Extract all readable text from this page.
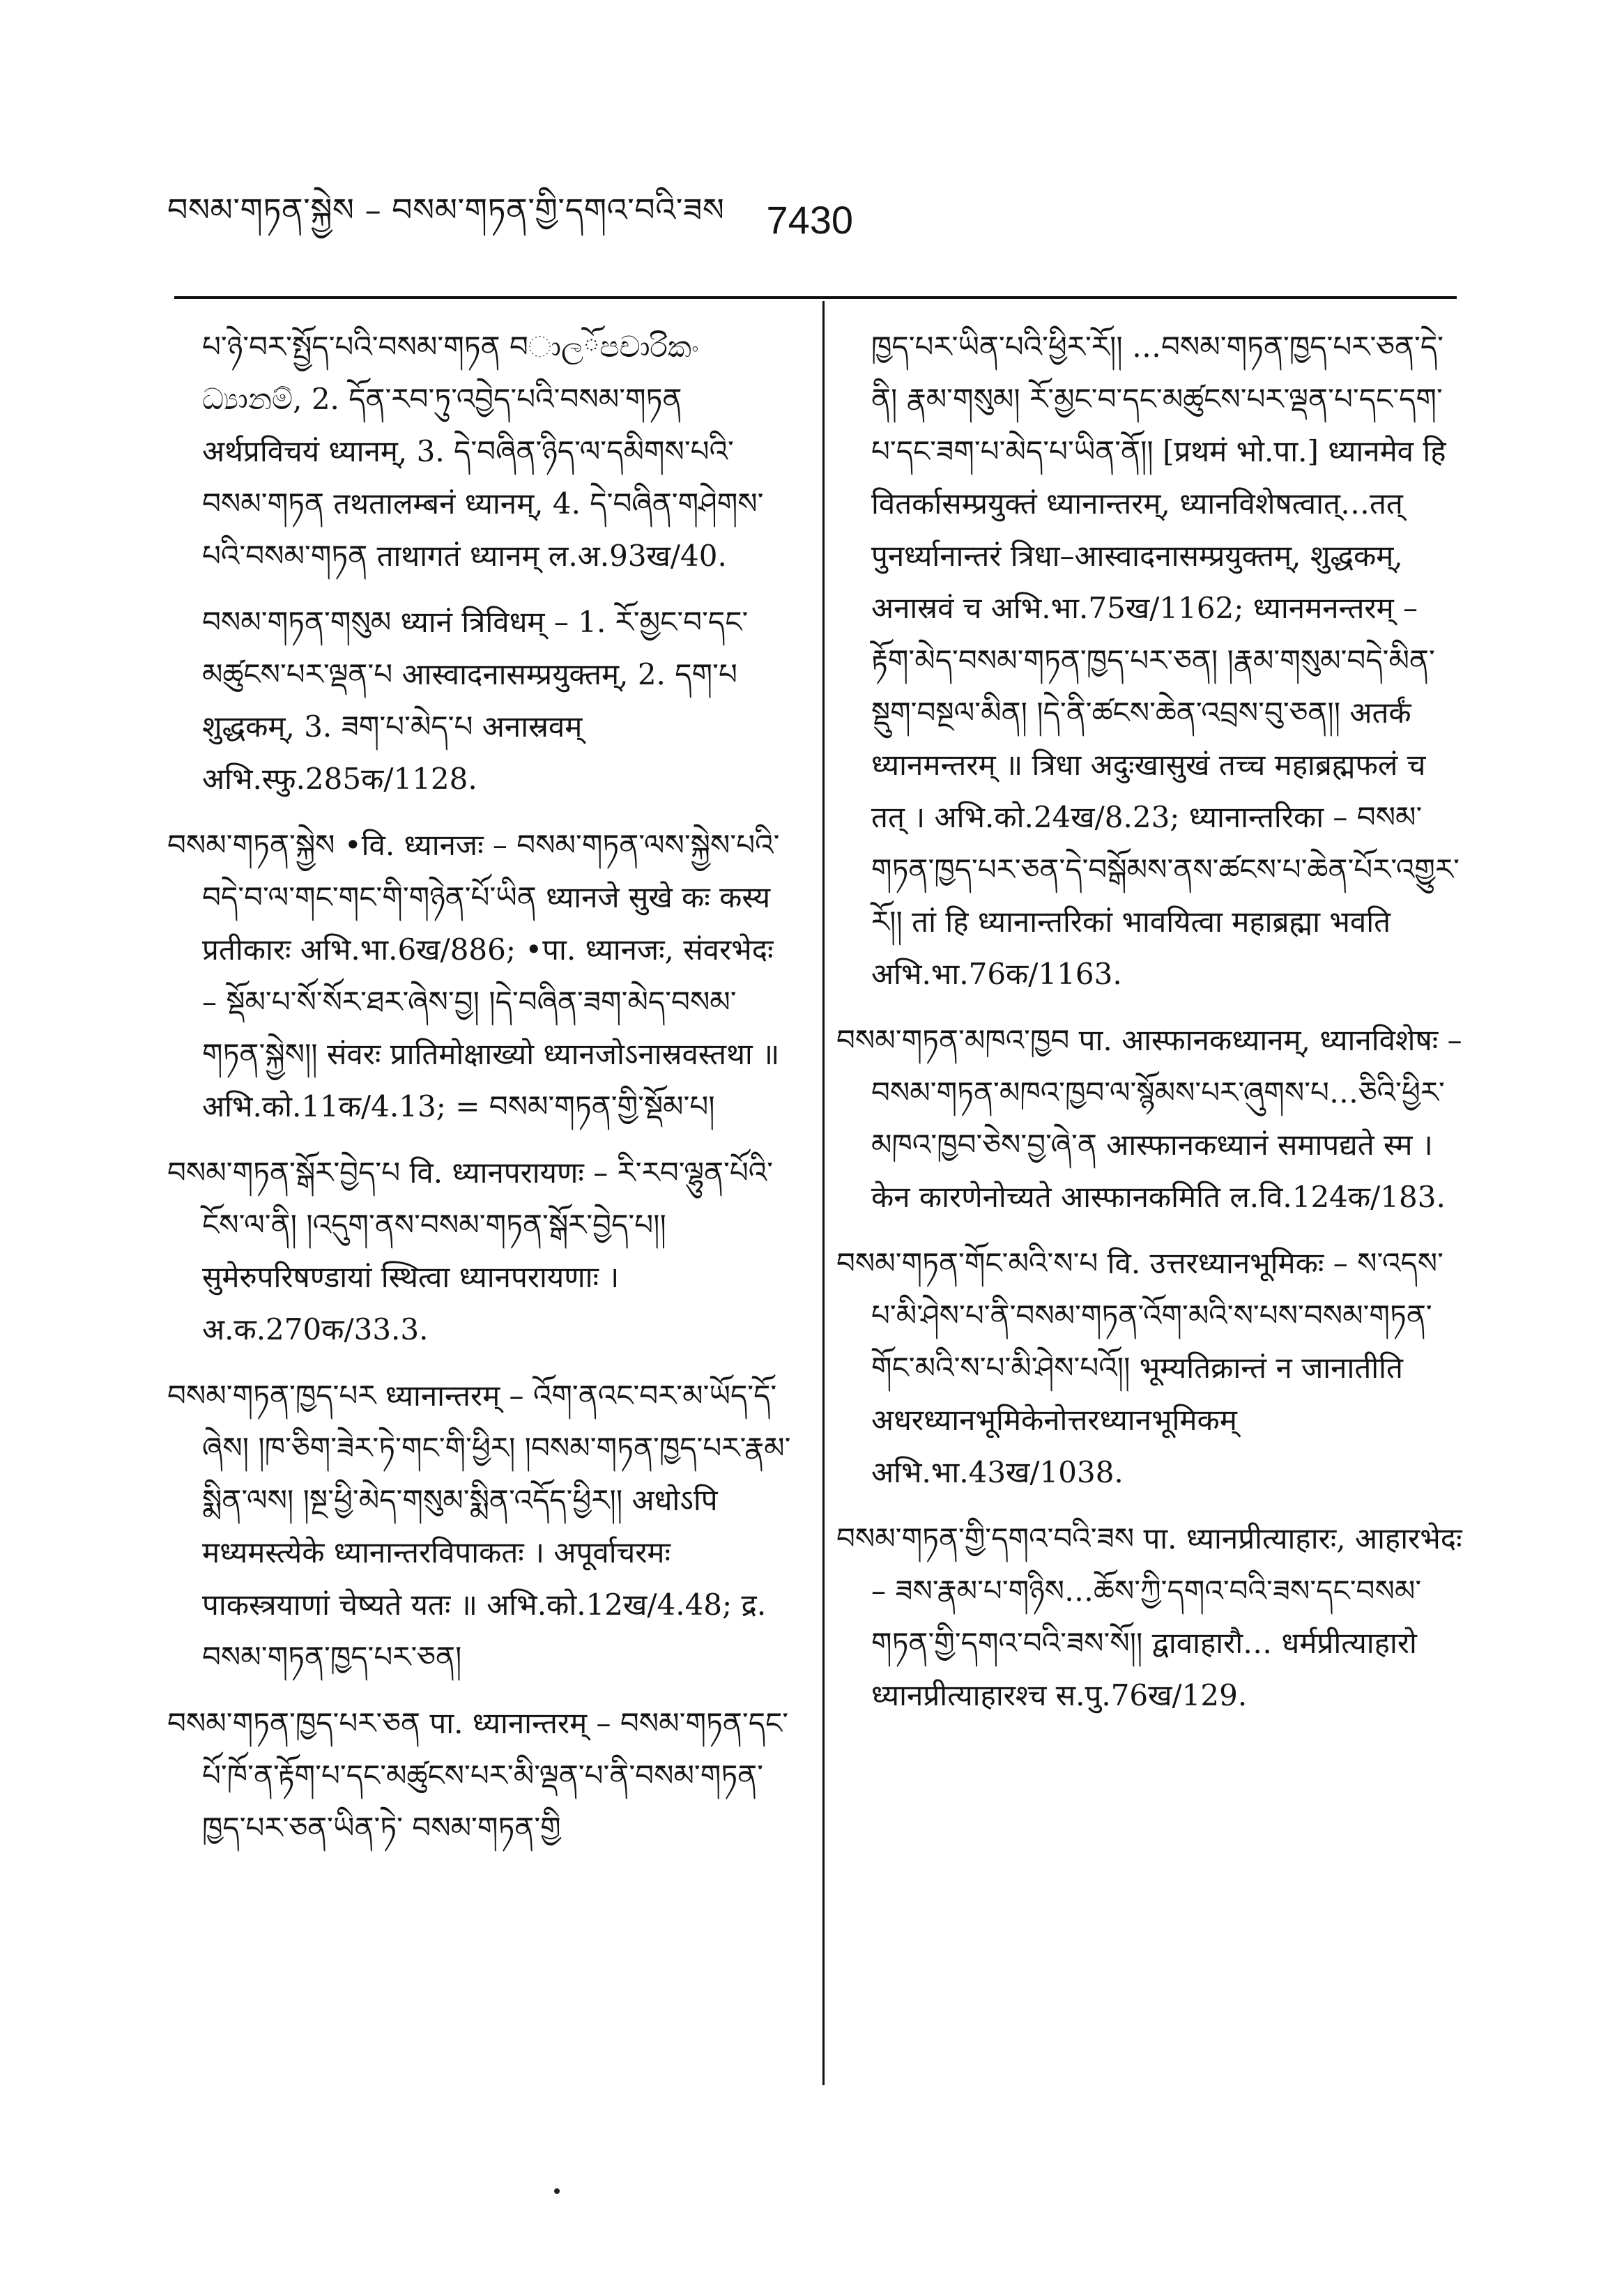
བསམ་གཏན་སྐྱེས – བསམ་གཏན་གྱི་དགའ་བའི་ཟས 7430

པ་ཉེ་བར་སྤྱོད་པའི་བསམ་གཏན བාලོපචාරිකං ධ්‍යානම්, 2. དོན་རབ་ཏུ་འབྱེད་པའི་བསམ་གཏན अर्थप्रविचयं ध्यानम्, 3. དེ་བཞིན་ཉིད་ལ་དམིགས་པའི་བསམ་གཏན तथतालम्बनं ध्यानम्, 4. དེ་བཞིན་གཤེགས་པའི་བསམ་གཏན ताथागतं ध्यानम् ल.अ.93ख/40.

བསམ་གཏན་གསུམ ध्यानं त्रिविधम् – 1. རོ་མྱང་བ་དང་མཚུངས་པར་ལྡན་པ आस्वादनासम्प्रयुक्तम्, 2. དག་པ शुद्धकम्, 3. ཟག་པ་མེད་པ अनास्रवम् अभि.स्फु.285क/1128.

བསམ་གཏན་སྐྱེས •वि. ध्यानजः – བསམ་གཏན་ལས་སྐྱེས་པའི་བདེ་བ་ལ་གང་གང་གི་གཉེན་པོ་ཡིན ध्यानजे सुखे कः कस्य प्रतीकारः अभि.भा.6ख/886; •पा. ध्यानजः, संवरभेदः – སྡོམ་པ་སོ་སོར་ཐར་ཞེས་བྱ། །དེ་བཞིན་ཟག་མེད་བསམ་གཏན་སྐྱེས།། संवरः प्रातिमोक्षाख्यो ध्यानजोऽनास्रवस्तथा ॥ अभि.को.11क/4.13; = བསམ་གཏན་གྱི་སྡོམ་པ།

བསམ་གཏན་སྒོར་བྱེད་པ वि. ध्यानपरायणः – རི་རབ་ལྷུན་པོའི་ངོས་ལ་ནི། །འདུག་ནས་བསམ་གཏན་སྒོར་བྱེད་པ།། सुमेरुपरिषण्डायां स्थित्वा ध्यानपरायणाः । अ.क.270क/33.3.

བསམ་གཏན་ཁྱད་པར ध्यानान्तरम् – འོག་ནའང་བར་མ་ཡོད་དོ་ཞེས། །ཁ་ཅིག་ཟེར་ཏེ་གང་གི་ཕྱིར། །བསམ་གཏན་ཁྱད་པར་རྣམ་སྨིན་ལས། །སྔ་ཕྱི་མེད་གསུམ་སྨིན་འདོད་ཕྱིར།། अधोऽपि मध्यमस्त्येके ध्यानान्तरविपाकतः । अपूर्वाचरमः पाकस्त्रयाणां चेष्यते यतः ॥ अभि.को.12ख/4.48; द्र. བསམ་གཏན་ཁྱད་པར་ཅན།

བསམ་གཏན་ཁྱད་པར་ཅན पा. ध्यानान्तरम् – བསམ་གཏན་དང་པོ་ཁོ་ན་རྟོག་པ་དང་མཚུངས་པར་མི་ལྡན་པ་ནི་བསམ་གཏན་ཁྱད་པར་ཅན་ཡིན་ཏེ་ བསམ་གཏན་གྱི

ཁྱད་པར་ཡིན་པའི་ཕྱིར་རོ།། …བསམ་གཏན་ཁྱད་པར་ཅན་དེ་ནི། རྣམ་གསུམ། རོ་མྱང་བ་དང་མཚུངས་པར་ལྡན་པ་དང་དག་པ་དང་ཟག་པ་མེད་པ་ཡིན་ནོ།། [प्रथमं भो.पा.] ध्यानमेव हि वितर्कासम्प्रयुक्तं ध्यानान्तरम्, ध्यानविशेषत्वात्…तत् पुनर्ध्यानान्तरं त्रिधा–आस्वादनासम्प्रयुक्तम्, शुद्धकम्, अनास्रवं च अभि.भा.75ख/1162; ध्यानमनन्तरम् – རྟོག་མེད་བསམ་གཏན་ཁྱད་པར་ཅན། །རྣམ་གསུམ་བདེ་མིན་སྡུག་བསྔལ་མིན། །དེ་ནི་ཚངས་ཆེན་འབྲས་བུ་ཅན།། अतर्कं ध्यानमन्तरम् ॥ त्रिधा अदुःखासुखं तच्च महाब्रह्मफलं च तत् । अभि.को.24ख/8.23; ध्यानान्तरिका – བསམ་གཏན་ཁྱད་པར་ཅན་དེ་བསྒོམས་ནས་ཚངས་པ་ཆེན་པོར་འགྱུར་རོ།། तां हि ध्यानान्तरिकां भावयित्वा महाब्रह्मा भवति अभि.भा.76क/1163.

བསམ་གཏན་མཁའ་ཁྱབ पा. आस्फानकध्यानम्, ध्यानविशेषः – བསམ་གཏན་མཁའ་ཁྱབ་ལ་སྙོམས་པར་ཞུགས་པ…ཅིའི་ཕྱིར་མཁའ་ཁྱབ་ཅེས་བྱ་ཞེ་ན आस्फानकध्यानं समापद्यते स्म । केन कारणेनोच्यते आस्फानकमिति ल.वि.124क/183.

བསམ་གཏན་གོང་མའི་ས་པ वि. उत्तरध्यानभूमिकः – ས་འདས་པ་མི་ཤེས་པ་ནི་བསམ་གཏན་འོག་མའི་ས་པས་བསམ་གཏན་གོང་མའི་ས་པ་མི་ཤེས་པའོ།། भूम्यतिक्रान्तं न जानातीति अधरध्यानभूमिकेनोत्तरध्यानभूमिकम् अभि.भा.43ख/1038.

བསམ་གཏན་གྱི་དགའ་བའི་ཟས पा. ध्यानप्रीत्याहारः, आहारभेदः – ཟས་རྣམ་པ་གཉིས…ཆོས་ཀྱི་དགའ་བའི་ཟས་དང་བསམ་གཏན་གྱི་དགའ་བའི་ཟས་སོ།། द्वावाहारौ… धर्मप्रीत्याहारो ध्यानप्रीत्याहारश्च स.पु.76ख/129.
